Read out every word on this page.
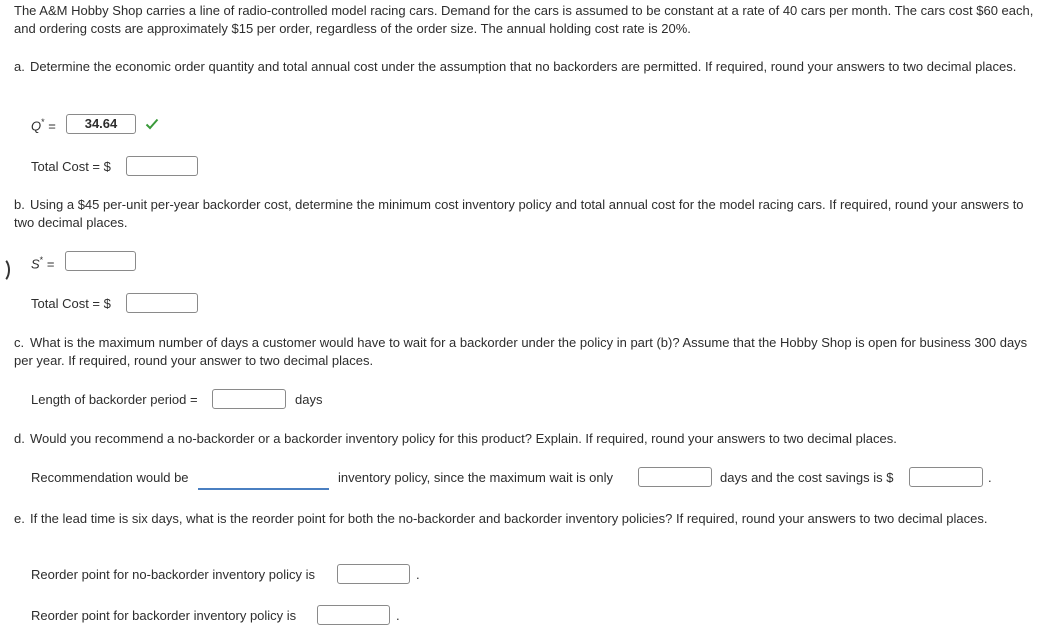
The A&M Hobby Shop carries a line of radio-controlled model racing cars. Demand for the cars is assumed to be constant at a rate of 40 cars per month. The cars cost $60 each, and ordering costs are approximately $15 per order, regardless of the order size. The annual holding cost rate is 20%.
a. Determine the economic order quantity and total annual cost under the assumption that no backorders are permitted. If required, round your answers to two decimal places.
Q* =	34.64
Total Cost = $
b. Using a $45 per-unit per-year backorder cost, determine the minimum cost inventory policy and total annual cost for the model racing cars. If required, round your answers to two decimal places.
S* =
Total Cost = $
c. What is the maximum number of days a customer would have to wait for a backorder under the policy in part (b)? Assume that the Hobby Shop is open for business 300 days per year. If required, round your answer to two decimal places.
Length of backorder period =	days
d. Would you recommend a no-backorder or a backorder inventory policy for this product? Explain. If required, round your answers to two decimal places.
Recommendation would be	inventory policy, since the maximum wait is only	days and the cost savings is $	.
e. If the lead time is six days, what is the reorder point for both the no-backorder and backorder inventory policies? If required, round your answers to two decimal places.
Reorder point for no-backorder inventory policy is	.
Reorder point for backorder inventory policy is	.
